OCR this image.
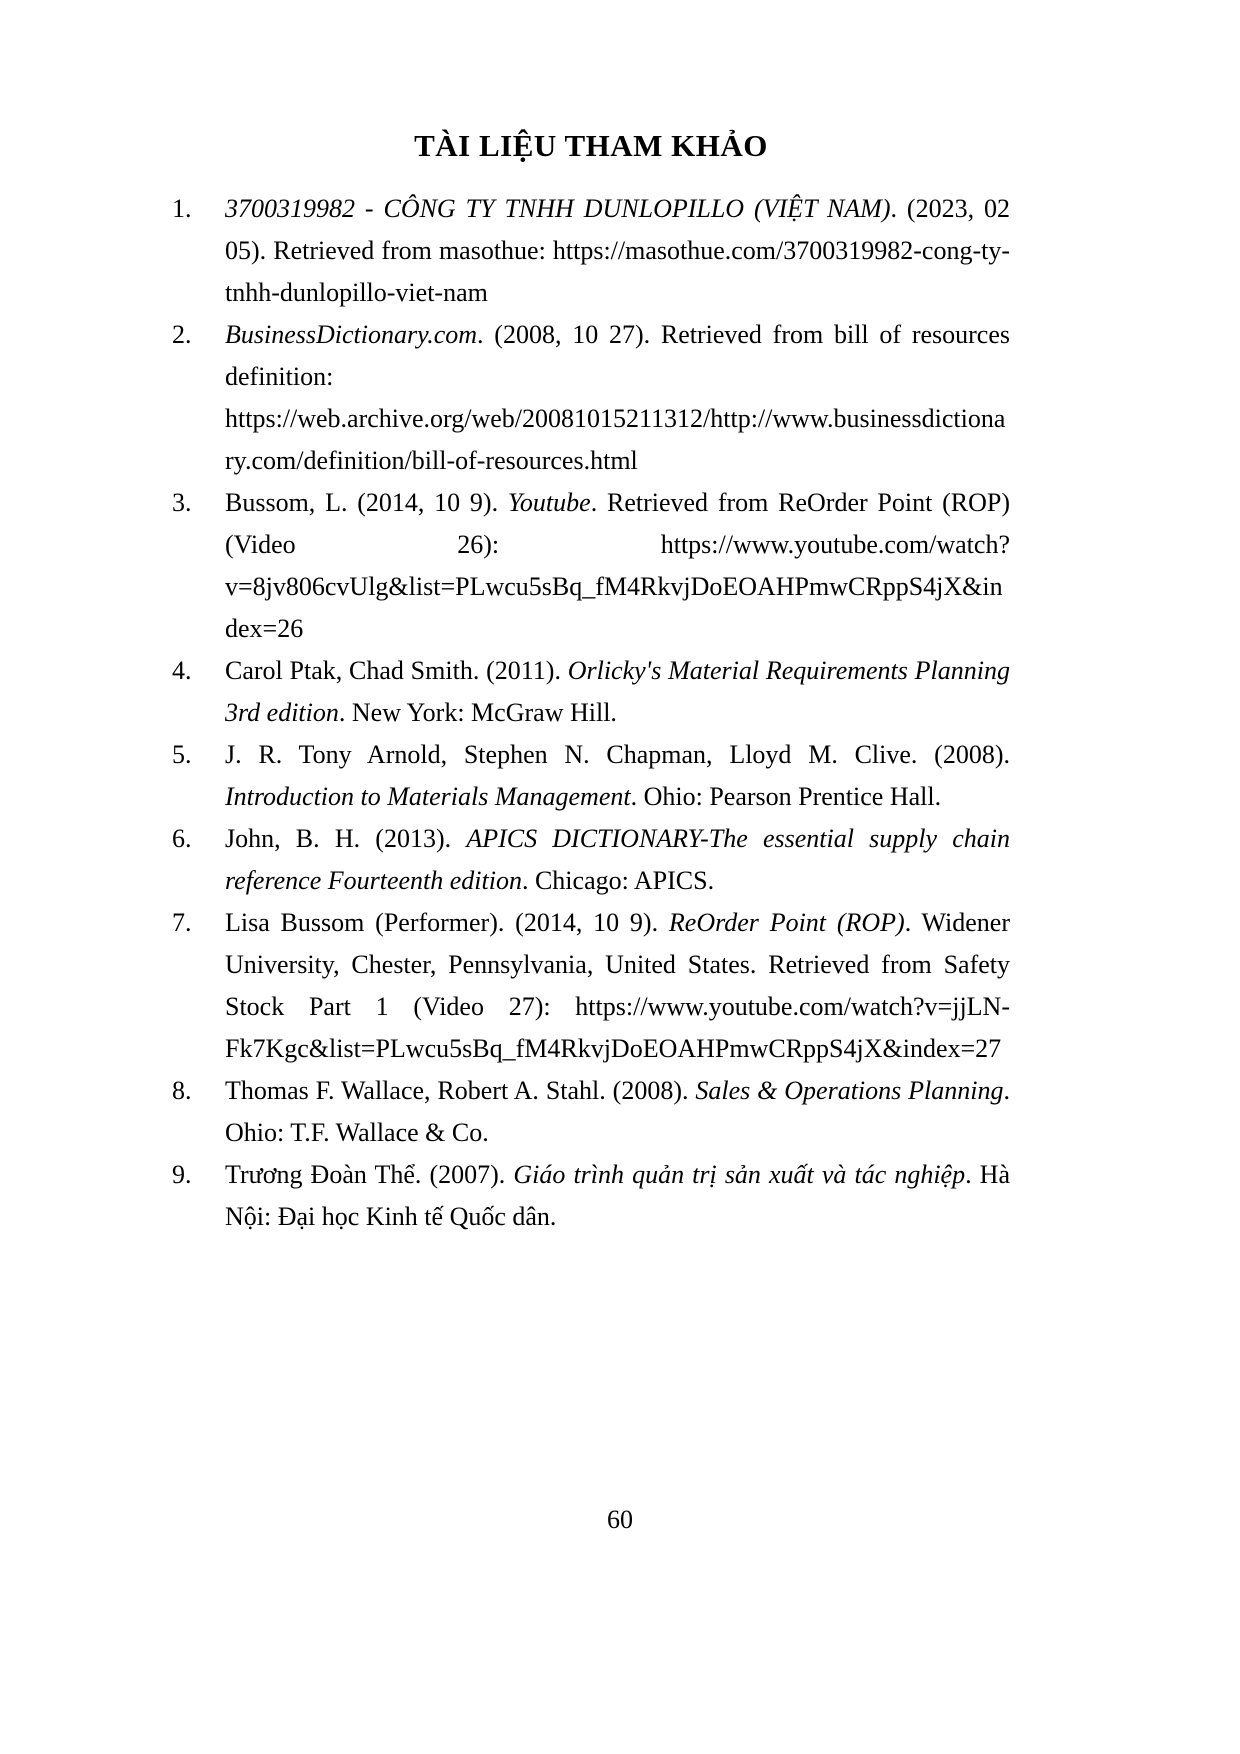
TÀI LIỆU THAM KHẢO
1.	3700319982 - CÔNG TY TNHH DUNLOPILLO (VIỆT NAM). (2023, 02 05). Retrieved from masothue: https://masothue.com/3700319982-cong-ty-tnhh-dunlopillo-viet-nam
2.	BusinessDictionary.com. (2008, 10 27). Retrieved from bill of resources definition: https://web.archive.org/web/20081015211312/http://www.businessdictionary.com/definition/bill-of-resources.html
3.	Bussom, L. (2014, 10 9). Youtube. Retrieved from ReOrder Point (ROP) (Video 26): https://www.youtube.com/watch?v=8jv806cvUlg&list=PLwcu5sBq_fM4RkvjDoEOAHPmwCRppS4jX&index=26
4.	Carol Ptak, Chad Smith. (2011). Orlicky's Material Requirements Planning 3rd edition. New York: McGraw Hill.
5.	J. R. Tony Arnold, Stephen N. Chapman, Lloyd M. Clive. (2008). Introduction to Materials Management. Ohio: Pearson Prentice Hall.
6.	John, B. H. (2013). APICS DICTIONARY-The essential supply chain reference Fourteenth edition. Chicago: APICS.
7.	Lisa Bussom (Performer). (2014, 10 9). ReOrder Point (ROP). Widener University, Chester, Pennsylvania, United States. Retrieved from Safety Stock Part 1 (Video 27): https://www.youtube.com/watch?v=jjLN-Fk7Kgc&list=PLwcu5sBq_fM4RkvjDoEOAHPmwCRppS4jX&index=27
8.	Thomas F. Wallace, Robert A. Stahl. (2008). Sales & Operations Planning. Ohio: T.F. Wallace & Co.
9.	Trương Đoàn Thể. (2007). Giáo trình quản trị sản xuất và tác nghiệp. Hà Nội: Đại học Kinh tế Quốc dân.
60
